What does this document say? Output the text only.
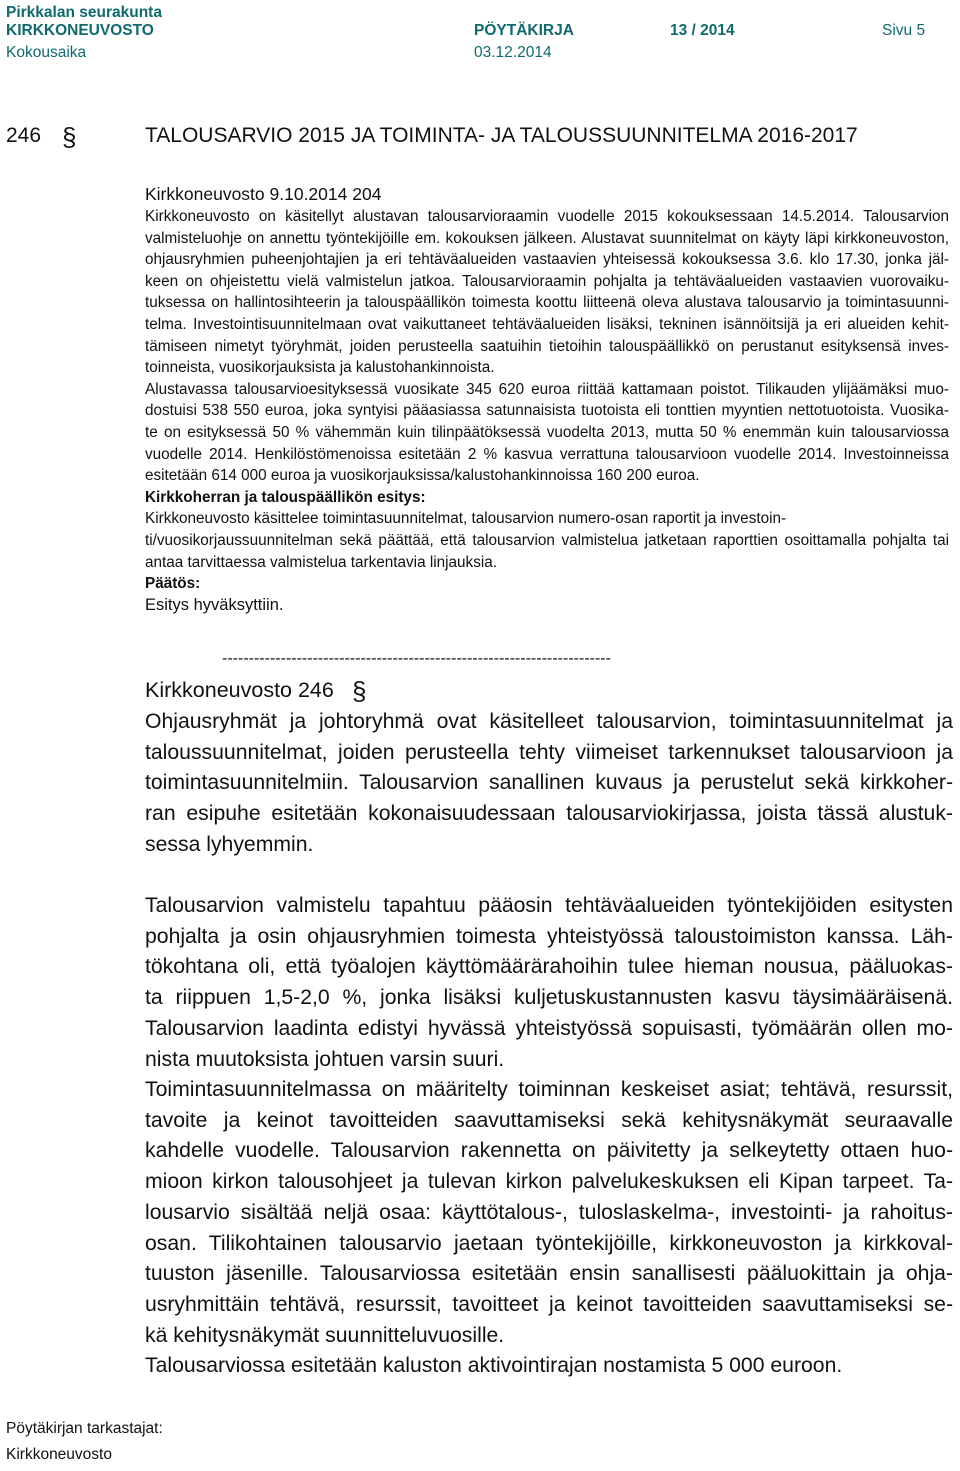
Pirkkalan seurakunta
KIRKKONEUVOSTO	PÖYTÄKIRJA	13 / 2014	Sivu 5
Kokousaika	03.12.2014
246 §	TALOUSARVIO 2015 JA TOIMINTA- JA TALOUSSUUNNITELMA 2016-2017
Kirkkoneuvosto 9.10.2014 204
Kirkkoneuvosto on käsitellyt alustavan talousarvioraamin vuodelle 2015 kokouksessaan 14.5.2014. Talousarvion
valmisteluohje on annettu työntekijöille em. kokouksen jälkeen. Alustavat suunnitelmat on käyty läpi kirkkoneuvoston,
ohjausryhmien puheenjohtajien ja eri tehtäväalueiden vastaavien yhteisessä kokouksessa 3.6. klo 17.30, jonka jäl-
keen on ohjeistettu vielä valmistelun jatkoa. Talousarvioraamin pohjalta ja tehtäväalueiden vastaavien vuorovaiku-
tuksessa on hallintosihteerin ja talouspäällikön toimesta koottu liitteenä oleva alustava talousarvio ja toimintasuunni-
telma. Investointisuunnitelmaan ovat vaikuttaneet tehtäväalueiden lisäksi, tekninen isännöitsijä ja eri alueiden kehit-
tämiseen nimetyt työryhmät, joiden perusteella saatuihin tietoihin talouspäällikkö on perustanut esityksensä inves-
toinneista, vuosikorjauksista ja kalustohankinnoista.
Alustavassa talousarvioesityksessä vuosikate 345 620 euroa riittää kattamaan poistot. Tilikauden ylijäämäksi muo-
dostuisi 538 550 euroa, joka syntyisi pääasiassa satunnaisista tuotoista eli tonttien myyntien nettotuotoista. Vuosika-
te on esityksessä 50 % vähemmän kuin tilinpäätöksessä vuodelta 2013, mutta 50 % enemmän kuin talousarviossa
vuodelle 2014. Henkilöstömenoissa esitetään 2 % kasvua verrattuna talousarvioon vuodelle 2014. Investoinneissa
esitetään 614 000 euroa ja vuosikorjauksissa/kalustohankinnoissa 160 200 euroa.
Kirkkoherran ja talouspäällikön esitys:
Kirkkoneuvosto käsittelee toimintasuunnitelmat, talousarvion numero-osan raportit ja investoin-
ti/vuosikorjaussuunnitelman sekä päättää, että talousarvion valmistelua jatketaan raporttien osoittamalla pohjalta tai
antaa tarvittaessa valmistelua tarkentavia linjauksia.
Päätös:
Esitys hyväksyttiin.
-------------------------------------------------------------------------
Kirkkoneuvosto 246 §
Ohjausryhmät ja johtoryhmä ovat käsitelleet talousarvion, toimintasuunnitelmat ja
taloussuunnitelmat, joiden perusteella tehty viimeiset tarkennukset talousarvioon ja
toimintasuunnitelmiin. Talousarvion sanallinen kuvaus ja perustelut sekä kirkkoher-
ran esipuhe esitetään kokonaisuudessaan talousarviokirjassa, joista tässä alustuk-
sessa lyhyemmin.
Talousarvion valmistelu tapahtuu pääosin tehtäväalueiden työntekijöiden esitysten
pohjalta ja osin ohjausryhmien toimesta yhteistyössä taloustoimiston kanssa. Läh-
tökohtana oli, että työalojen käyttömäärärahoihin tulee hieman nousua, pääluokas-
ta riippuen 1,5-2,0 %, jonka lisäksi kuljetuskustannusten kasvu täysimääräisenä.
Talousarvion laadinta edistyi hyvässä yhteistyössä sopuisasti, työmäärän ollen mo-
nista muutoksista johtuen varsin suuri.
Toimintasuunnitelmassa on määritelty toiminnan keskeiset asiat; tehtävä, resurssit,
tavoite ja keinot tavoitteiden saavuttamiseksi sekä kehitysnäkymät seuraavalle
kahdelle vuodelle. Talousarvion rakennetta on päivitetty ja selkeytetty ottaen huo-
mioon kirkon talousohjeet ja tulevan kirkon palvelukeskuksen eli Kipan tarpeet. Ta-
lousarvio sisältää neljä osaa: käyttötalous-, tuloslaskelma-, investointi- ja rahoitus-
osan. Tilikohtainen talousarvio jaetaan työntekijöille, kirkkoneuvoston ja kirkkoval-
tuuston jäsenille. Talousarviossa esitetään ensin sanallisesti pääluokittain ja ohja-
usryhmittäin tehtävä, resurssit, tavoitteet ja keinot tavoitteiden saavuttamiseksi se-
kä kehitysnäkymät suunnitteluvuosille.
Talousarviossa esitetään kaluston aktivointirajan nostamista 5 000 euroon.
Pöytäkirjan tarkastajat:
Kirkkoneuvosto
